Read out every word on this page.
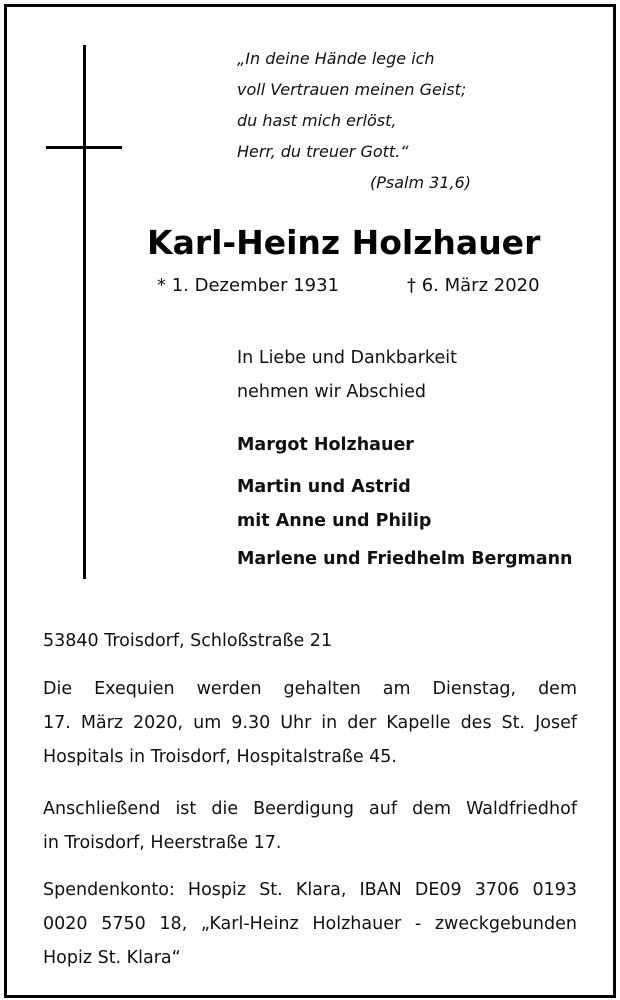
„In deine Hände lege ich
voll Vertrauen meinen Geist;
du hast mich erlöst,
Herr, du treuer Gott.“
(Psalm 31,6)
Karl-Heinz Holzhauer
* 1. Dezember 1931	† 6. März 2020
In Liebe und Dankbarkeit
nehmen wir Abschied
Margot Holzhauer
Martin und Astrid
mit Anne und Philip
Marlene und Friedhelm Bergmann
53840 Troisdorf, Schloßstraße 21
Die Exequien werden gehalten am Dienstag, dem
17. März 2020, um 9.30 Uhr in der Kapelle des St. Josef
Hospitals in Troisdorf, Hospitalstraße 45.
Anschließend ist die Beerdigung auf dem Waldfriedhof
in Troisdorf, Heerstraße 17.
Spendenkonto: Hospiz St. Klara, IBAN DE09 3706 0193
0020 5750 18, „Karl-Heinz Holzhauer - zweckgebunden
Hopiz St. Klara“
